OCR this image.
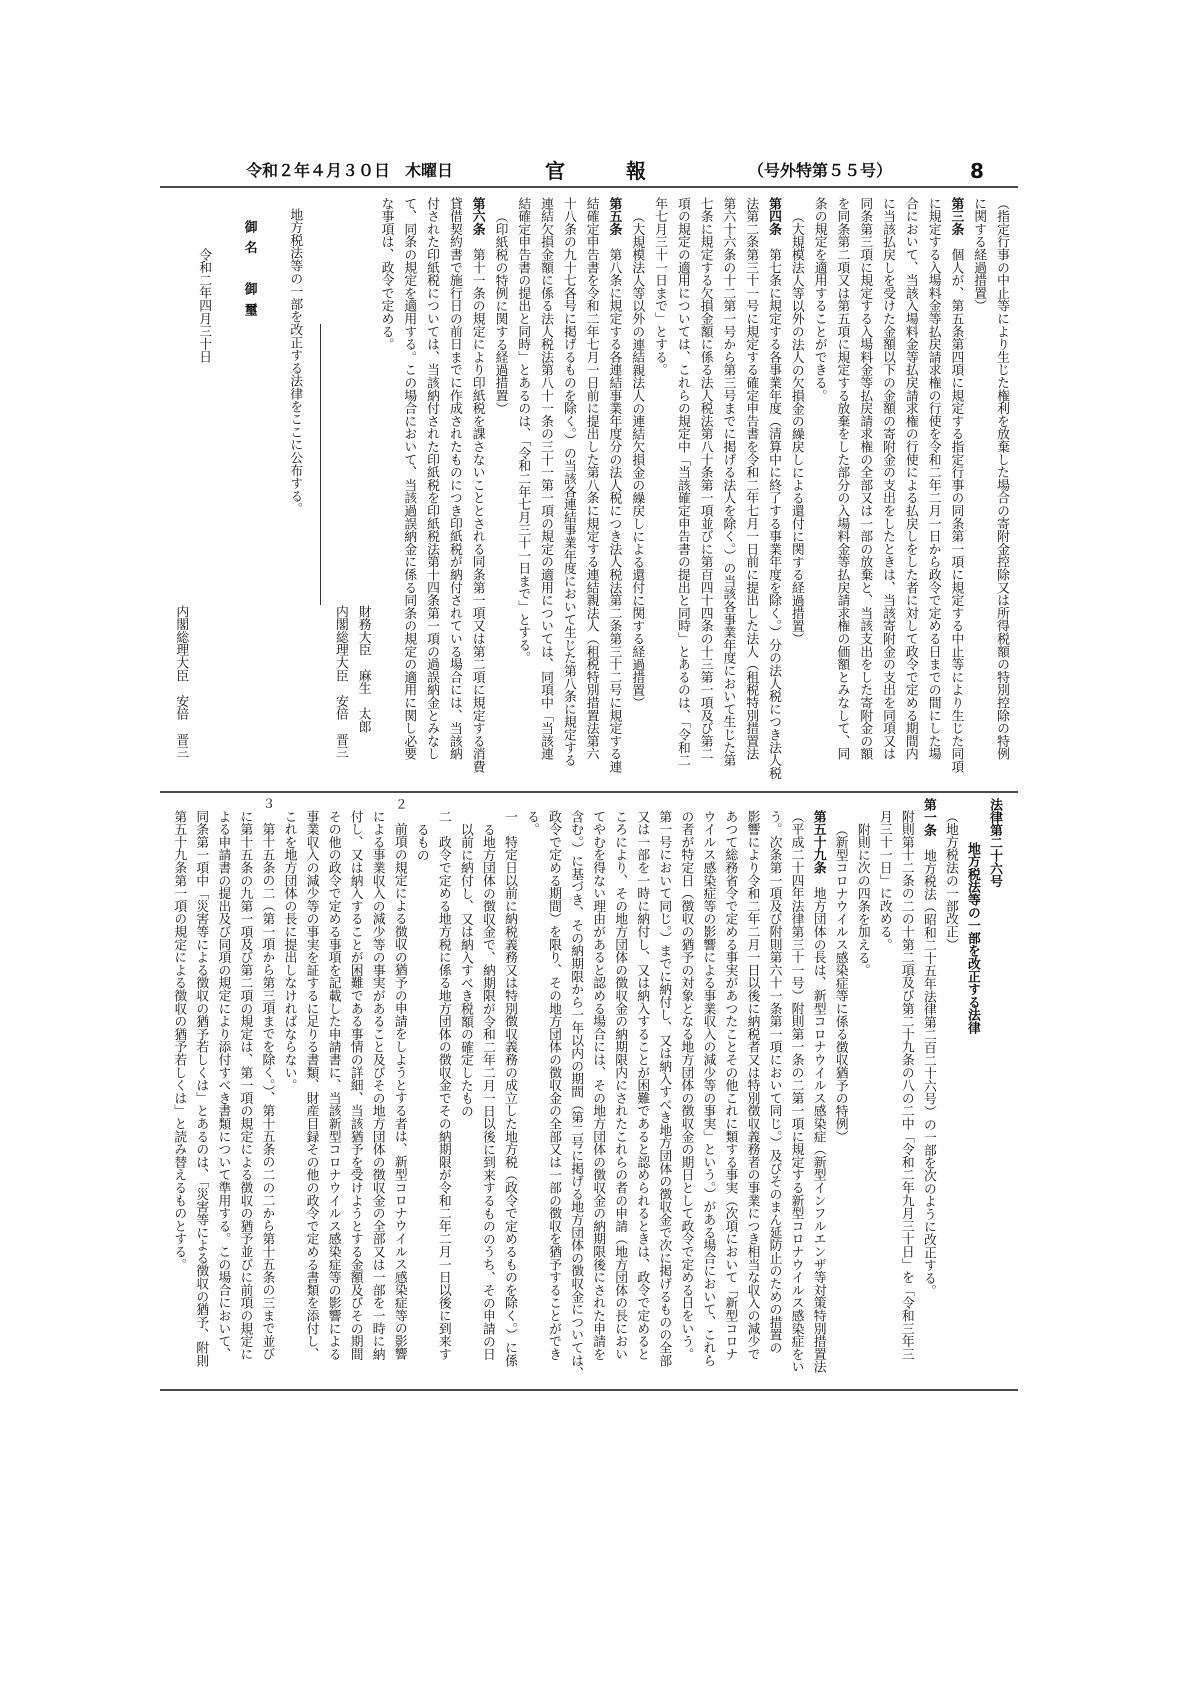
令和２年４月３０日 木曜日	官	報	（号外特第５５号）	8
（指定行事の中止等により生じた権利を放棄した場合の寄附金控除又は所得税額の特別控除の特例
に関する経過措置）
第三条　個人が、第五条第四項に規定する指定行事の同条第一項に規定する中止等により生じた同項
に規定する入場料金等払戻請求権の行使を令和二年二月一日から政令で定める日までの間にした場
合において、当該入場料金等払戻請求権の行使による払戻しをした者に対して政令で定める期間内
に当該払戻しを受けた金額以下の金額の寄附金の支出をしたときは、当該寄附金の支出を同項又は
同条第三項に規定する入場料金等払戻請求権の全部又は一部の放棄と、当該支出をした寄附金の額
を同条第二項又は第五項に規定する放棄をした部分の入場料金等払戻請求権の価額とみなして、同
条の規定を適用することができる。
（大規模法人等以外の法人の欠損金の繰戻しによる還付に関する経過措置）
第四条　第七条に規定する各事業年度（清算中に終了する事業年度を除く。）分の法人税につき法人税
法第二条第三十一号に規定する確定申告書を令和二年七月一日前に提出した法人（租税特別措置法
第六十六条の十二第一号から第三号までに掲げる法人を除く。）の当該各事業年度において生じた第
七条に規定する欠損金額に係る法人税法第八十条第一項並びに第百四十四条の十三第一項及び第二
項の規定の適用については、これらの規定中「当該確定申告書の提出と同時」とあるのは、「令和二
年七月三十一日まで」とする。
（大規模法人等以外の連結親法人の連結欠損金の繰戻しによる還付に関する経過措置）
第五条　第八条に規定する各連結事業年度分の法人税につき法人税法第二条第三十二号に規定する連
結確定申告書を令和二年七月一日前に提出した第八条に規定する連結親法人（租税特別措置法第六
十八条の九十七各号に掲げるものを除く。）の当該各連結事業年度において生じた第八条に規定する
連結欠損金額に係る法人税法第八十一条の三十一第一項の規定の適用については、同項中「当該連
結確定申告書の提出と同時」とあるのは、「令和二年七月三十一日まで」とする。
（印紙税の特例に関する経過措置）
第六条　第十一条の規定により印紙税を課さないこととされる同条第一項又は第二項に規定する消費
貸借契約書で施行日の前日までに作成されたものにつき印紙税が納付されている場合には、当該納
付された印紙税については、当該納付された印紙税を印紙税法第十四条第一項の過誤納金とみなし
て、同条の規定を適用する。この場合において、当該過誤納金に係る同条の規定の適用に関し必要
な事項は、政令で定める。
財務大臣　麻生　太郎
内閣総理大臣　安倍　晋三
地方税法等の一部を改正する法律をここに公布する。
御名　御璽
令和二年四月三十日
内閣総理大臣　安倍　晋三
法律第二十六号
地方税法等の一部を改正する法律
（地方税法の一部改正）
第一条　地方税法（昭和二十五年法律第二百二十六号）の一部を次のように改正する。
附則第十二条の二の十第二項及び第二十九条の八の二中「令和二年九月三十日」を「令和三年三
月三十一日」に改める。
附則に次の四条を加える。
（新型コロナウイルス感染症等に係る徴収猶予の特例）
第五十九条　地方団体の長は、新型コロナウイルス感染症（新型インフルエンザ等対策特別措置法
（平成二十四年法律第三十一号）附則第一条の二第一項に規定する新型コロナウイルス感染症をい
う。次条第一項及び附則第六十一条第一項において同じ。）及びそのまん延防止のための措置の
影響により令和二年二月一日以後に納税者又は特別徴収義務者の事業につき相当な収入の減少で
あつて総務省令で定める事実があつたことその他これに類する事実（次項において「新型コロナ
ウイルス感染症等の影響による事業収入の減少等の事実」という。）がある場合において、これら
の者が特定日（徴収の猶予の対象となる地方団体の徴収金の期日として政令で定める日をいう。
第一号において同じ。）までに納付し、又は納入すべき地方団体の徴収金で次に掲げるものの全部
又は一部を一時に納付し、又は納入することが困難であると認められるときは、政令で定めると
ころにより、その地方団体の徴収金の納期限内にされたこれらの者の申請（地方団体の長におい
てやむを得ない理由があると認める場合には、その地方団体の徴収金の納期限後にされた申請を
含む。）に基づき、その納期限から一年以内の期間（第二号に掲げる地方団体の徴収金については、
政令で定める期間）を限り、その地方団体の徴収金の全部又は一部の徴収を猶予することができ
る。
一　特定日以前に納税義務又は特別徴収義務の成立した地方税（政令で定めるものを除く。）に係
る地方団体の徴収金で、納期限が令和二年二月一日以後に到来するもののうち、その申請の日
以前に納付し、又は納入すべき税額の確定したもの
二　政令で定める地方税に係る地方団体の徴収金でその納期限が令和二年二月一日以後に到来す
るもの
２　前項の規定による徴収の猶予の申請をしようとする者は、新型コロナウイルス感染症等の影響
による事業収入の減少等の事実があること及びその地方団体の徴収金の全部又は一部を一時に納
付し、又は納入することが困難である事情の詳細、当該猶予を受けようとする金額及びその期間
その他の政令で定める事項を記載した申請書に、当該新型コロナウイルス感染症等の影響による
事業収入の減少等の事実を証するに足りる書類、財産目録その他の政令で定める書類を添付し、
これを地方団体の長に提出しなければならない。
３　第十五条の二（第一項から第三項までを除く。）、第十五条の二の二から第十五条の三まで並び
に第十五条の九第一項及び第二項の規定は、第一項の規定による徴収の猶予並びに前項の規定に
よる申請書の提出及び同項の規定により添付すべき書類について準用する。この場合において、
同条第一項中「災害等による徴収の猶予若しくは」とあるのは、「災害等による徴収の猶予、附則
第五十九条第一項の規定による徴収の猶予若しくは」と読み替えるものとする。
